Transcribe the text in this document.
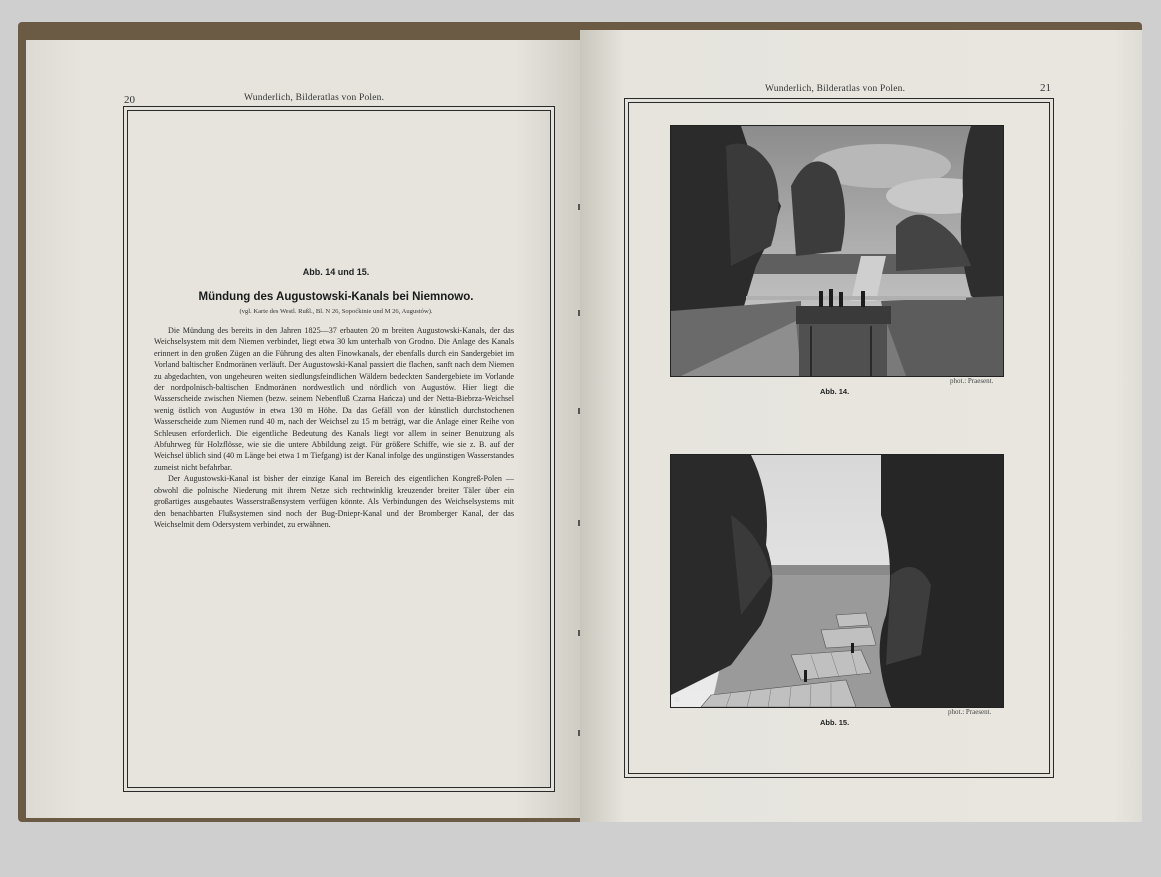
20	Wunderlich, Bilderatlas von Polen.
Abb. 14 und 15.
Mündung des Augustowski-Kanals bei Niemnowo.
(vgl. Karte des Westl. Rußl., Bl. N 26, Sopoćkinie und M 26, Augustów).

Die Mündung des bereits in den Jahren 1825—37 erbauten 20 m breiten Augustowski-Kanals, der das Weichselsystem mit dem Niemen verbindet, liegt etwa 30 km unterhalb von Grodno. Die Anlage des Kanals erinnert in den großen Zügen an die Führung des alten Finowkanals, der ebenfalls durch ein Sandergebiet im Vorland baltischer Endmoränen verläuft. Der Augustowski-Kanal passiert die flachen, sanft nach dem Niemen zu abgedachten, von ungeheuren weiten siedlungsfeindlichen Wäldern bedeckten Sandergebiete im Vorlande der nordpolnisch-baltischen Endmoränen nordwestlich und nördlich von Augustów. Hier liegt die Wasserscheide zwischen Niemen (bezw. seinem Nebenfluß Czarna Hańcza) und der Netta-Biebrza-Weichsel wenig östlich von Augustów in etwa 130 m Höhe. Da das Gefäll von der künstlich durchstochenen Wasserscheide zum Niemen rund 40 m, nach der Weichsel zu 15 m beträgt, war die Anlage einer Reihe von Schleusen erforderlich. Die eigentliche Bedeutung des Kanals liegt vor allem in seiner Benutzung als Abfuhrweg für Holzflösse, wie sie die untere Abbildung zeigt. Für größere Schiffe, wie sie z. B. auf der Weichsel üblich sind (40 m Länge bei etwa 1 m Tiefgang) ist der Kanal infolge des ungünstigen Wasserstandes zumeist nicht befahrbar.

Der Augustowski-Kanal ist bisher der einzige Kanal im Bereich des eigentlichen Kongreß-Polen — obwohl die polnische Niederung mit ihrem Netze sich rechtwinklig kreuzender breiter Täler über ein großartiges ausgebautes Wasserstraßensystem verfügen könnte. Als Verbindungen des Weichselsystems mit den benachbarten Flußsystemen sind noch der Bug-Dniepr-Kanal und der Bromberger Kanal, der das Weichselmit dem Odersystem verbindet, zu erwähnen.

Wunderlich, Bilderatlas von Polen.	21
phot.: Praesent.
Abb. 14.
II.
phot.: Praesent.
Abb. 15.
